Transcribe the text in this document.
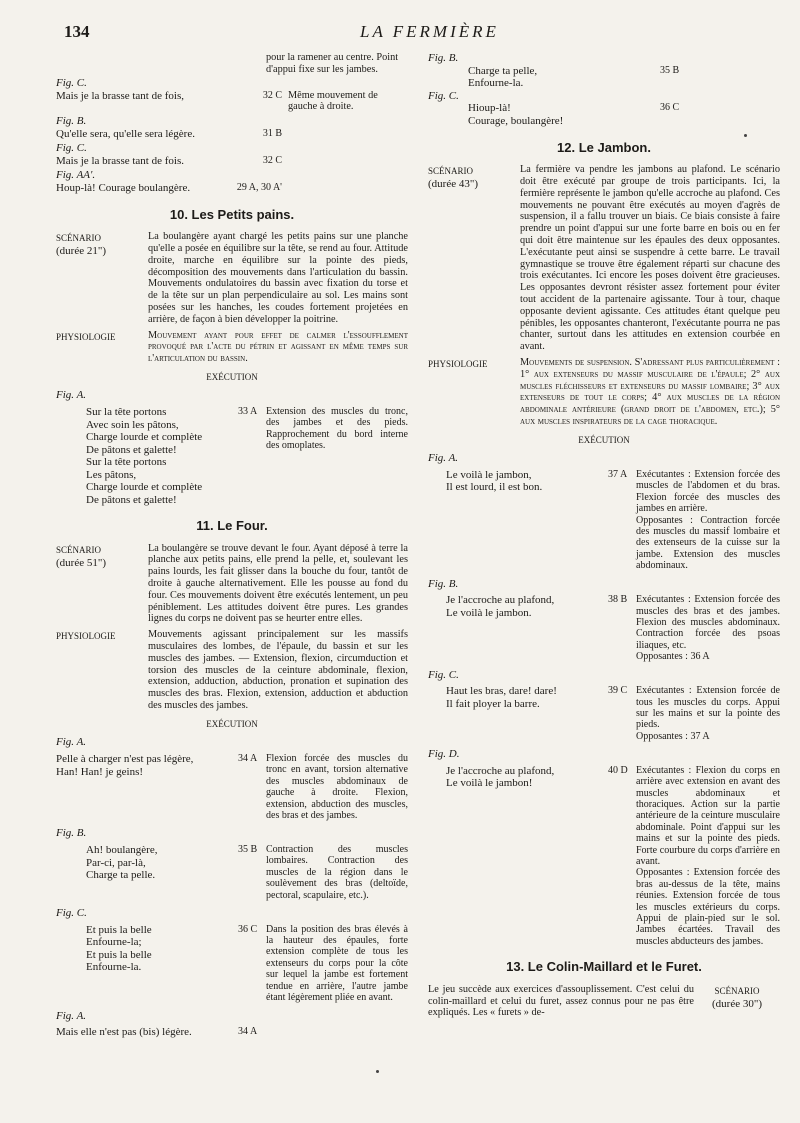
134	LA FERMIÈRE
pour la ramener au centre. Point d'appui fixe sur les jambes.
Fig. C.
Mais je la brasse tant de fois,	32 C Même mouvement de gauche à droite.
Fig. B.
Qu'elle sera, qu'elle sera légère.	31 B
Fig. C.
Mais je la brasse tant de fois.	32 C
Fig. AA'.
Houp-là! Courage boulangère.	29 A, 30 A'
10. Les Petits pains.
SCÉNARIO
(durée 21")
La boulangère ayant chargé les petits pains sur une planche qu'elle a posée en équilibre sur la tête, se rend au four. Attitude droite, marche en équilibre sur la pointe des pieds, décomposition des mouvements dans l'articulation du bassin. Mouvements ondulatoires du bassin avec fixation du torse et de la tête sur un plan perpendiculaire au sol. Les mains sont posées sur les hanches, les coudes fortement projetées en arrière, de façon à bien développer la poitrine.
PHYSIOLOGIE	Mouvement ayant pour effet de calmer l'essoufflement provoqué par l'acte du pétrin et agissant en même temps sur l'articulation du bassin.
EXÉCUTION
Fig. A.
Sur la tête portons
Avec soin les pâtons,
Charge lourde et complète
De pâtons et galette!
Sur la tête portons
Les pâtons,
Charge lourde et complète
De pâtons et galette!
33 A Extension des muscles du tronc, des jambes et des pieds. Rapprochement du bord interne des omoplates.
11. Le Four.
SCÉNARIO
(durée 51")
La boulangère se trouve devant le four. Ayant déposé à terre la planche aux petits pains, elle prend la pelle, et, soulevant les pains lourds, les fait glisser dans la bouche du four, tantôt de droite à gauche alternativement. Elle les pousse au fond du four. Ces mouvements doivent être exécutés lentement, un peu péniblement. Les attitudes doivent être pures. Les grandes lignes du corps ne doivent pas se heurter entre elles.
PHYSIOLOGIE	Mouvements agissant principalement sur les massifs musculaires des lombes, de l'épaule, du bassin et sur les muscles des jambes. — Extension, flexion, circumduction et torsion des muscles de la ceinture abdominale, flexion, extension, adduction, abduction, pronation et supination des muscles des bras. Flexion, extension, adduction et abduction des muscles des jambes.
EXÉCUTION
Fig. A.
Pelle à charger n'est pas légère,
Han! Han! je geins!
34 A Flexion forcée des muscles du tronc en avant, torsion alternative des muscles abdominaux de gauche à droite. Flexion, extension, abduction des muscles, des bras et des jambes.
Fig. B.
Ah! boulangère,
Par-ci, par-là,
Charge ta pelle.
35 B Contraction des muscles lombaires. Contraction des muscles de la région dans le soulèvement des bras (deltoïde, pectoral, scapulaire, etc.).
Fig. C.
Et puis la belle
Enfourne-la;
Et puis la belle
Enfourne-la.
36 C Dans la position des bras élevés à la hauteur des épaules, forte extension complète de tous les extenseurs du corps pour la côte sur lequel la jambe est fortement tendue en arrière, l'autre jambe étant légèrement pliée en avant.
Fig. A.
Mais elle n'est pas (bis) légère.	34 A
Fig. B.
Charge ta pelle,
Enfourne-la.
35 B
Fig. C.
Hioup-là!
Courage, boulangère!
36 C
12. Le Jambon.
SCÉNARIO
(durée 43")
La fermière va pendre les jambons au plafond. Le scénario doit être exécuté par groupe de trois participants. Ici, la fermière représente le jambon qu'elle accroche au plafond. Ces mouvements ne pouvant être exécutés au moyen d'agrès de suspension, il a fallu trouver un biais. Ce biais consiste à faire prendre un point d'appui sur une forte barre en bois ou en fer qui doit être maintenue sur les épaules des deux opposantes. L'exécutante peut ainsi se suspendre à cette barre. Le travail gymnastique se trouve être également réparti sur chacune des trois exécutantes. Ici encore les poses doivent être gracieuses. Les opposantes devront résister assez fortement pour éviter tout accident de la partenaire agissante. Tour à tour, chaque opposante devient agissante. Ces attitudes étant quelque peu pénibles, les opposantes chanteront, l'exécutante pourra ne pas chanter, surtout dans les attitudes en extension courbée en avant.
PHYSIOLOGIE	Mouvements de suspension. S'adressant plus particulièrement : 1° aux extenseurs du massif musculaire de l'épaule; 2° aux muscles fléchisseurs et extenseurs du massif lombaire; 3° aux extenseurs de tout le corps; 4° aux muscles de la région abdominale antérieure (grand droit de l'abdomen, etc.); 5° aux muscles inspirateurs de la cage thoracique.
EXÉCUTION
Fig. A.
Le voilà le jambon,
Il est lourd, il est bon.
37 A Exécutantes : Extension forcée des muscles de l'abdomen et du bras. Flexion forcée des muscles des jambes en arrière.
Opposantes : Contraction forcée des muscles du massif lombaire et des extenseurs de la cuisse sur la jambe. Extension des muscles abdominaux.
Fig. B.
Je l'accroche au plafond,
Le voilà le jambon.
38 B Exécutantes : Extension forcée des muscles des bras et des jambes. Flexion des muscles abdominaux. Contraction forcée des psoas iliaques, etc.
Opposantes : 36 A
Fig. C.
Haut les bras, dare! dare!
Il fait ployer la barre.
39 C Exécutantes : Extension forcée de tous les muscles du corps. Appui sur les mains et sur la pointe des pieds.
Opposantes : 37 A
Fig. D.
Je l'accroche au plafond,
Le voilà le jambon!
40 D Exécutantes : Flexion du corps en arrière avec extension en avant des muscles abdominaux et thoraciques. Action sur la partie antérieure de la ceinture musculaire abdominale. Point d'appui sur les mains et sur la pointe des pieds. Forte courbure du corps d'arrière en avant.
Opposantes : Extension forcée des bras au-dessus de la tête, mains réunies. Extension forcée de tous les muscles extérieurs du corps. Appui de plain-pied sur le sol. Jambes écartées. Travail des muscles abducteurs des jambes.
13. Le Colin-Maillard et le Furet.
Le jeu succède aux exercices d'assouplissement. C'est celui du colin-maillard et celui du furet, assez connus pour ne pas être expliqués. Les « furets » de-
SCÉNARIO
(durée 30")
